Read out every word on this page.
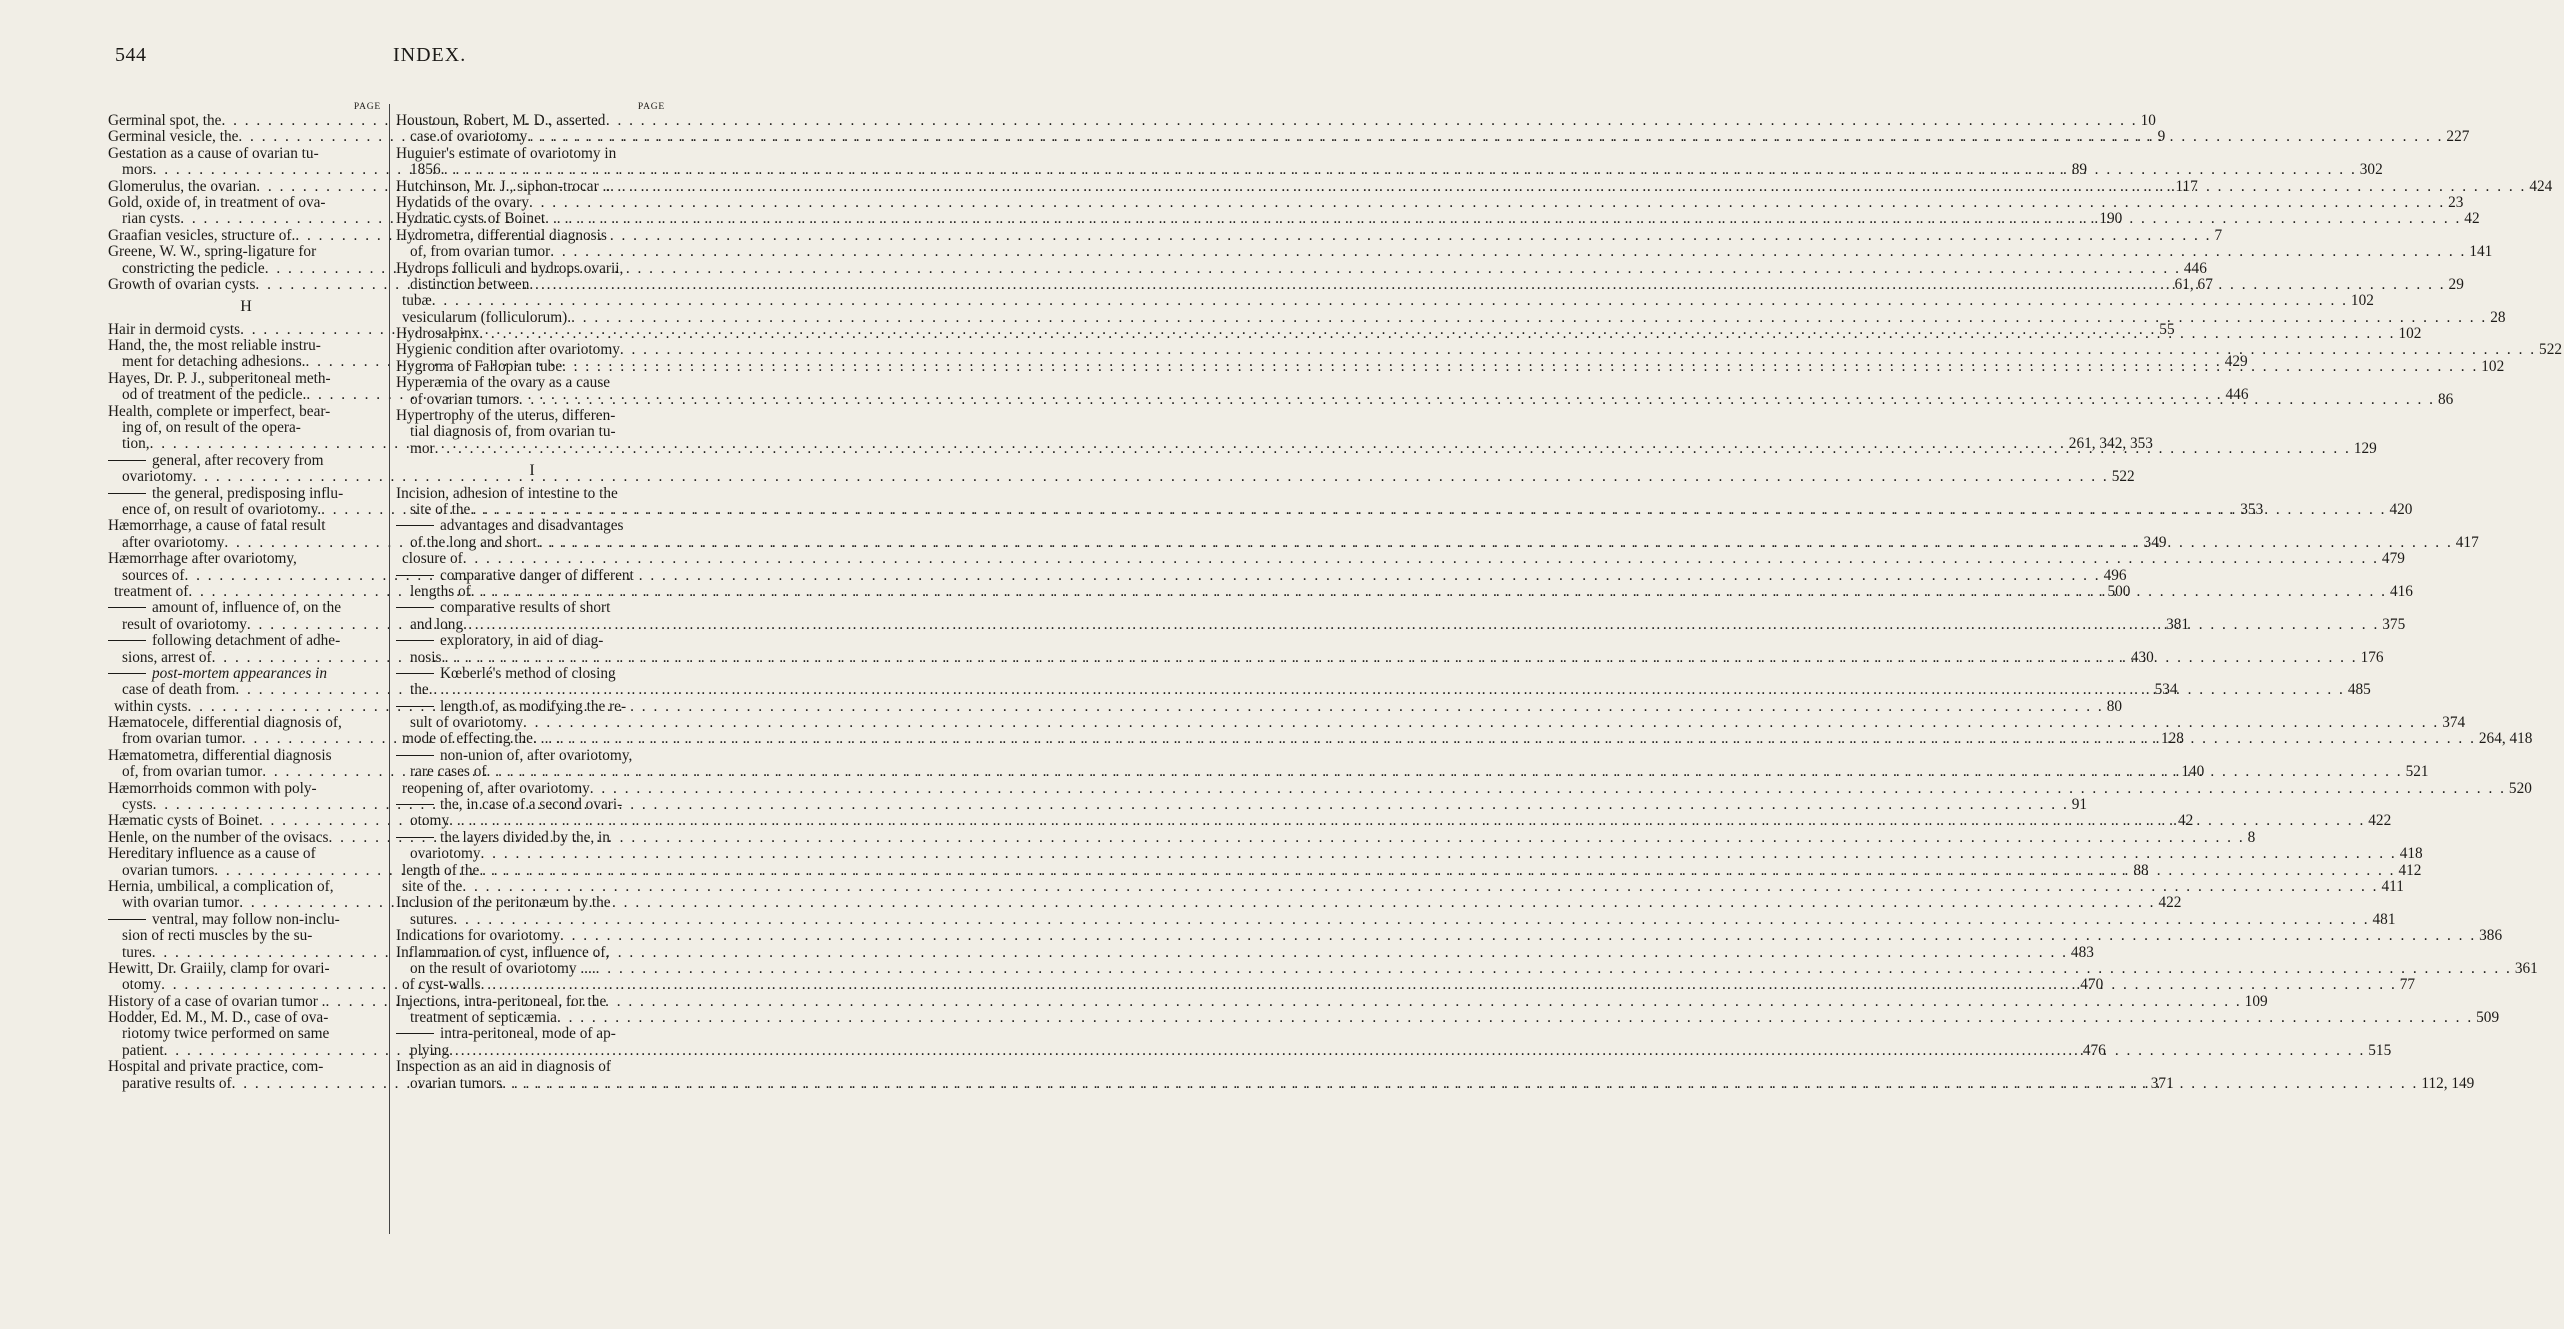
544	INDEX.
PAGE
Germinal spot, the . . .	10
Germinal vesicle, the . . .	9
Gestation as a cause of ovarian tu-
mors . . .	89
Glomerulus, the ovarian . . .	117
Gold, oxide of, in treatment of ova-
rian cysts . . .	190
Graafian vesicles, structure of. . . .	7
Greene, W. W., spring-ligature for
constricting the pedicle . . .	446
Growth of ovarian cysts . . .	61, 67
H
Hair in dermoid cysts . . .	55
Hand, the, the most reliable instru-
ment for detaching adhesions. . . .	429
Hayes, Dr. P. J., subperitoneal meth-
od of treatment of the pedicle. . . .	446
Health, complete or imperfect, bear-
ing of, on result of the opera-
tion, . . .	261, 342, 353
general, after recovery from
ovariotomy . . .	522
the general, predisposing influ-
ence of, on result of ovariotomy. . . .	353
Hæmorrhage, a cause of fatal result
after ovariotomy . . .	349
Hæmorrhage after ovariotomy,
sources of . . .	496
treatment of . . .	500
amount of, influence of, on the
result of ovariotomy . . .	381
following detachment of adhe-
sions, arrest of . . .	430
post-mortem appearances in
case of death from . . .	534
within cysts . . .	80
Hæmatocele, differential diagnosis of,
from ovarian tumor . . .	128
Hæmatometra, differential diagnosis
of, from ovarian tumor . . .	140
Hæmorrhoids common with poly-
cysts . . .	91
Hæmatic cysts of Boinet . . .	42
Henle, on the number of the ovisacs . . .	8
Hereditary influence as a cause of
ovarian tumors . . .	88
Hernia, umbilical, a complication of,
with ovarian tumor . . .	422
ventral, may follow non-inclu-
sion of recti muscles by the su-
tures . . .	483
Hewitt, Dr. Graiily, clamp for ovari-
otomy . . .	470
History of a case of ovarian tumor . . . .	109
Hodder, Ed. M., M. D., case of ova-
riotomy twice performed on same
patient . . .	476
Hospital and private practice, com-
parative results of . . .	371
PAGE
Houstoun, Robert, M. D., asserted
case of ovariotomy . . .	227
Huguier's estimate of ovariotomy in
1856 . . .	302
Hutchinson, Mr. J., siphon-trocar .. . . .	424
Hydatids of the ovary . . .	23
Hydratic cysts of Boinet . . .	42
Hydrometra, differential diagnosis
of, from ovarian tumor . . .	141
Hydrops folliculi and hydrops ovarii,
distinction between . . .	29
tubæ . . .	102
vesicularum (folliculorum). . . .	28
Hydrosalpinx . . .	102
Hygienic condition after ovariotomy . . .	522
Hygroma of Fallopian tube . . .	102
Hyperæmia of the ovary as a cause
of ovarian tumors . . .	86
Hypertrophy of the uterus, differen-
tial diagnosis of, from ovarian tu-
mor . . .	129
I
Incision, adhesion of intestine to the
site of the . . .	420
advantages and disadvantages
of the long and short . . .	417
closure of . . .	479
comparative danger of different
lengths of . . .	416
comparative results of short
and long . . .	375
exploratory, in aid of diag-
nosis . . .	176
Kœberlé's method of closing
the . . .	485
length of, as modifying the re-
sult of ovariotomy . . .	374
mode of effecting the. . . . . . .	264, 418
non-union of, after ovariotomy,
rare cases of . . .	521
reopening of, after ovariotomy . . .	520
the, in case of a second ovari-
otomy . . .	422
the layers divided by the, in
ovariotomy . . .	418
length of the . . .	412
site of the . . .	411
Inclusion of the peritonæum by the
sutures . . .	481
Indications for ovariotomy . . .	386
Inflammation of cyst, influence of,
on the result of ovariotomy .... . . .	361
of cyst-walls . . .	77
Injections, intra-peritoneal, for the
treatment of septicæmia . . .	509
intra-peritoneal, mode of ap-
plying . . .	515
Inspection as an aid in diagnosis of
ovarian tumors . . .	112, 149
